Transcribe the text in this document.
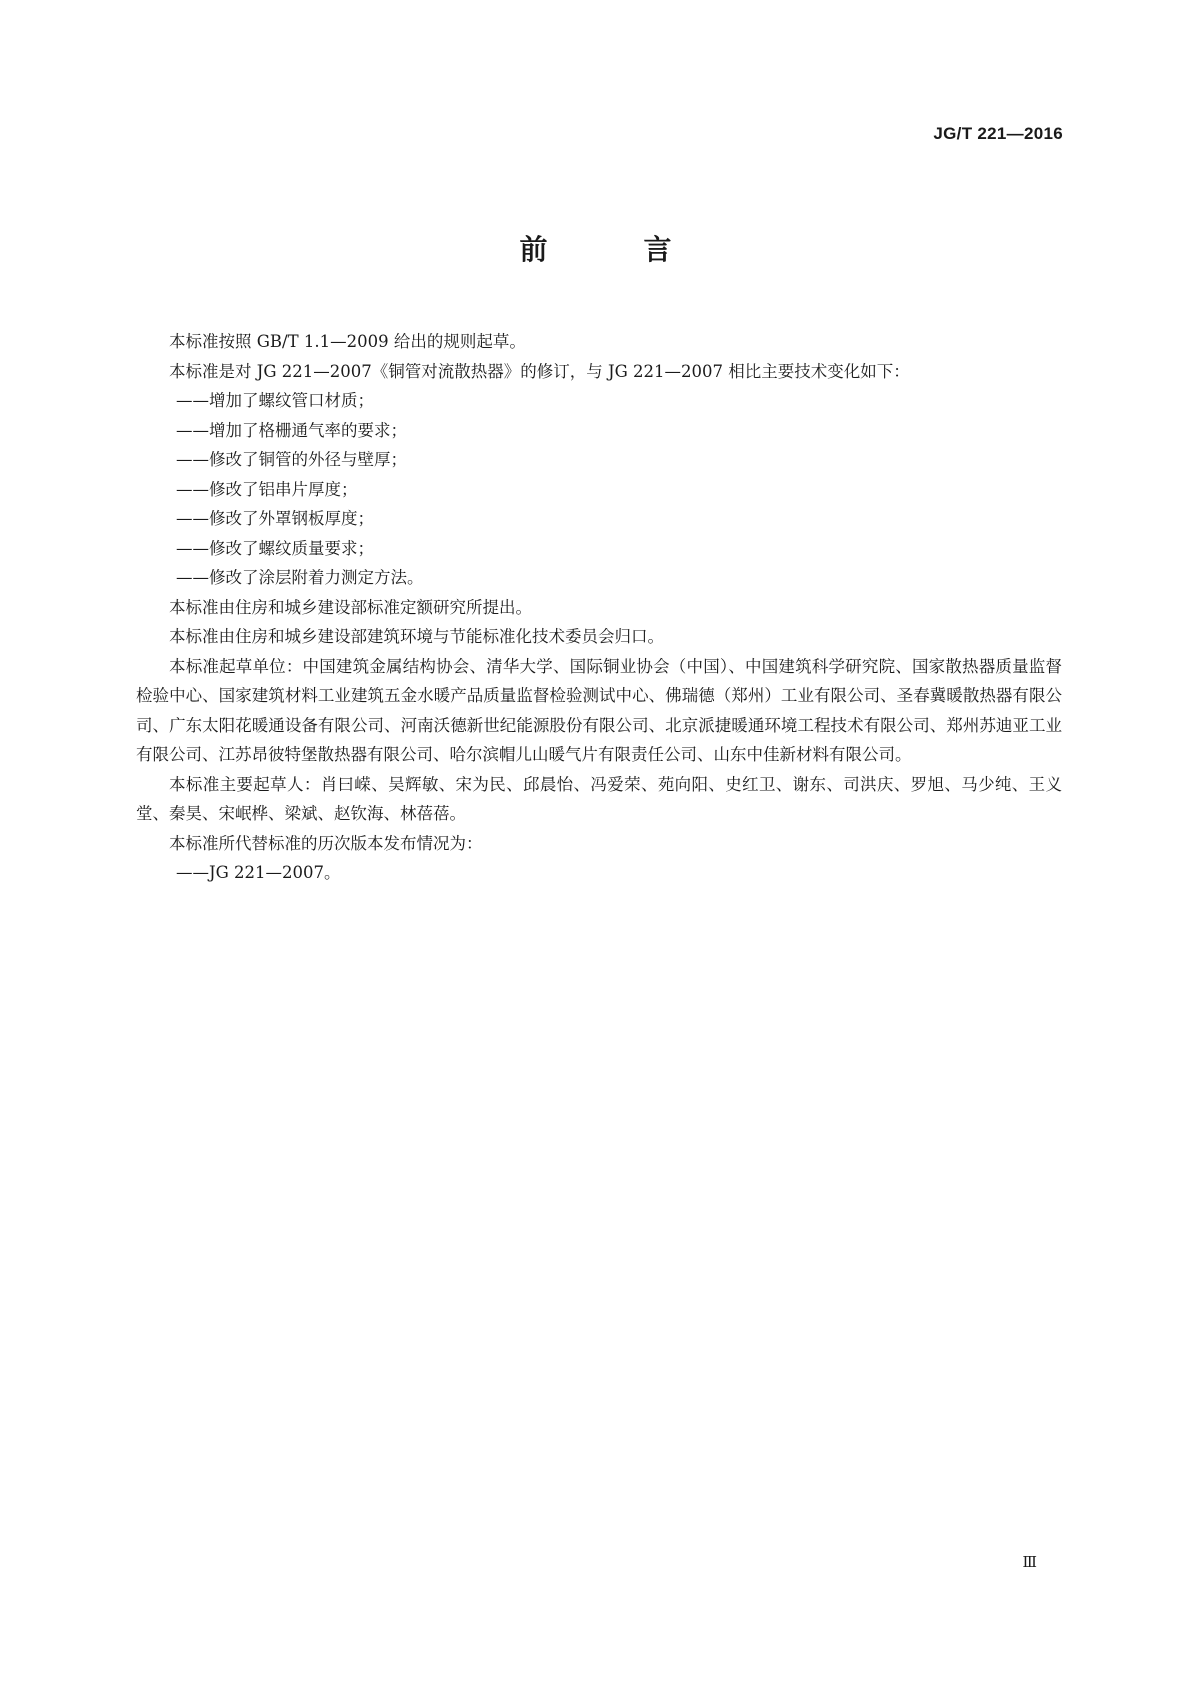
JG/T 221—2016
前　言

本标准按照 GB/T 1.1—2009 给出的规则起草。

本标准是对 JG 221—2007《铜管对流散热器》的修订，与 JG 221—2007 相比主要技术变化如下：

——增加了螺纹管口材质；

——增加了格栅通气率的要求；

——修改了铜管的外径与壁厚；

——修改了铝串片厚度；

——修改了外罩钢板厚度；

——修改了螺纹质量要求；

——修改了涂层附着力测定方法。

本标准由住房和城乡建设部标准定额研究所提出。

本标准由住房和城乡建设部建筑环境与节能标准化技术委员会归口。

本标准起草单位：中国建筑金属结构协会、清华大学、国际铜业协会（中国）、中国建筑科学研究院、国家散热器质量监督检验中心、国家建筑材料工业建筑五金水暖产品质量监督检验测试中心、佛瑞德（郑州）工业有限公司、圣春冀暖散热器有限公司、广东太阳花暖通设备有限公司、河南沃德新世纪能源股份有限公司、北京派捷暖通环境工程技术有限公司、郑州苏迪亚工业有限公司、江苏昂彼特堡散热器有限公司、哈尔滨帽儿山暖气片有限责任公司、山东中佳新材料有限公司。

本标准主要起草人：肖曰嵘、吴辉敏、宋为民、邱晨怡、冯爱荣、苑向阳、史红卫、谢东、司洪庆、罗旭、马少纯、王义堂、秦昊、宋岷桦、梁斌、赵钦海、林蓓蓓。

本标准所代替标准的历次版本发布情况为：

——JG 221—2007。

Ⅲ
